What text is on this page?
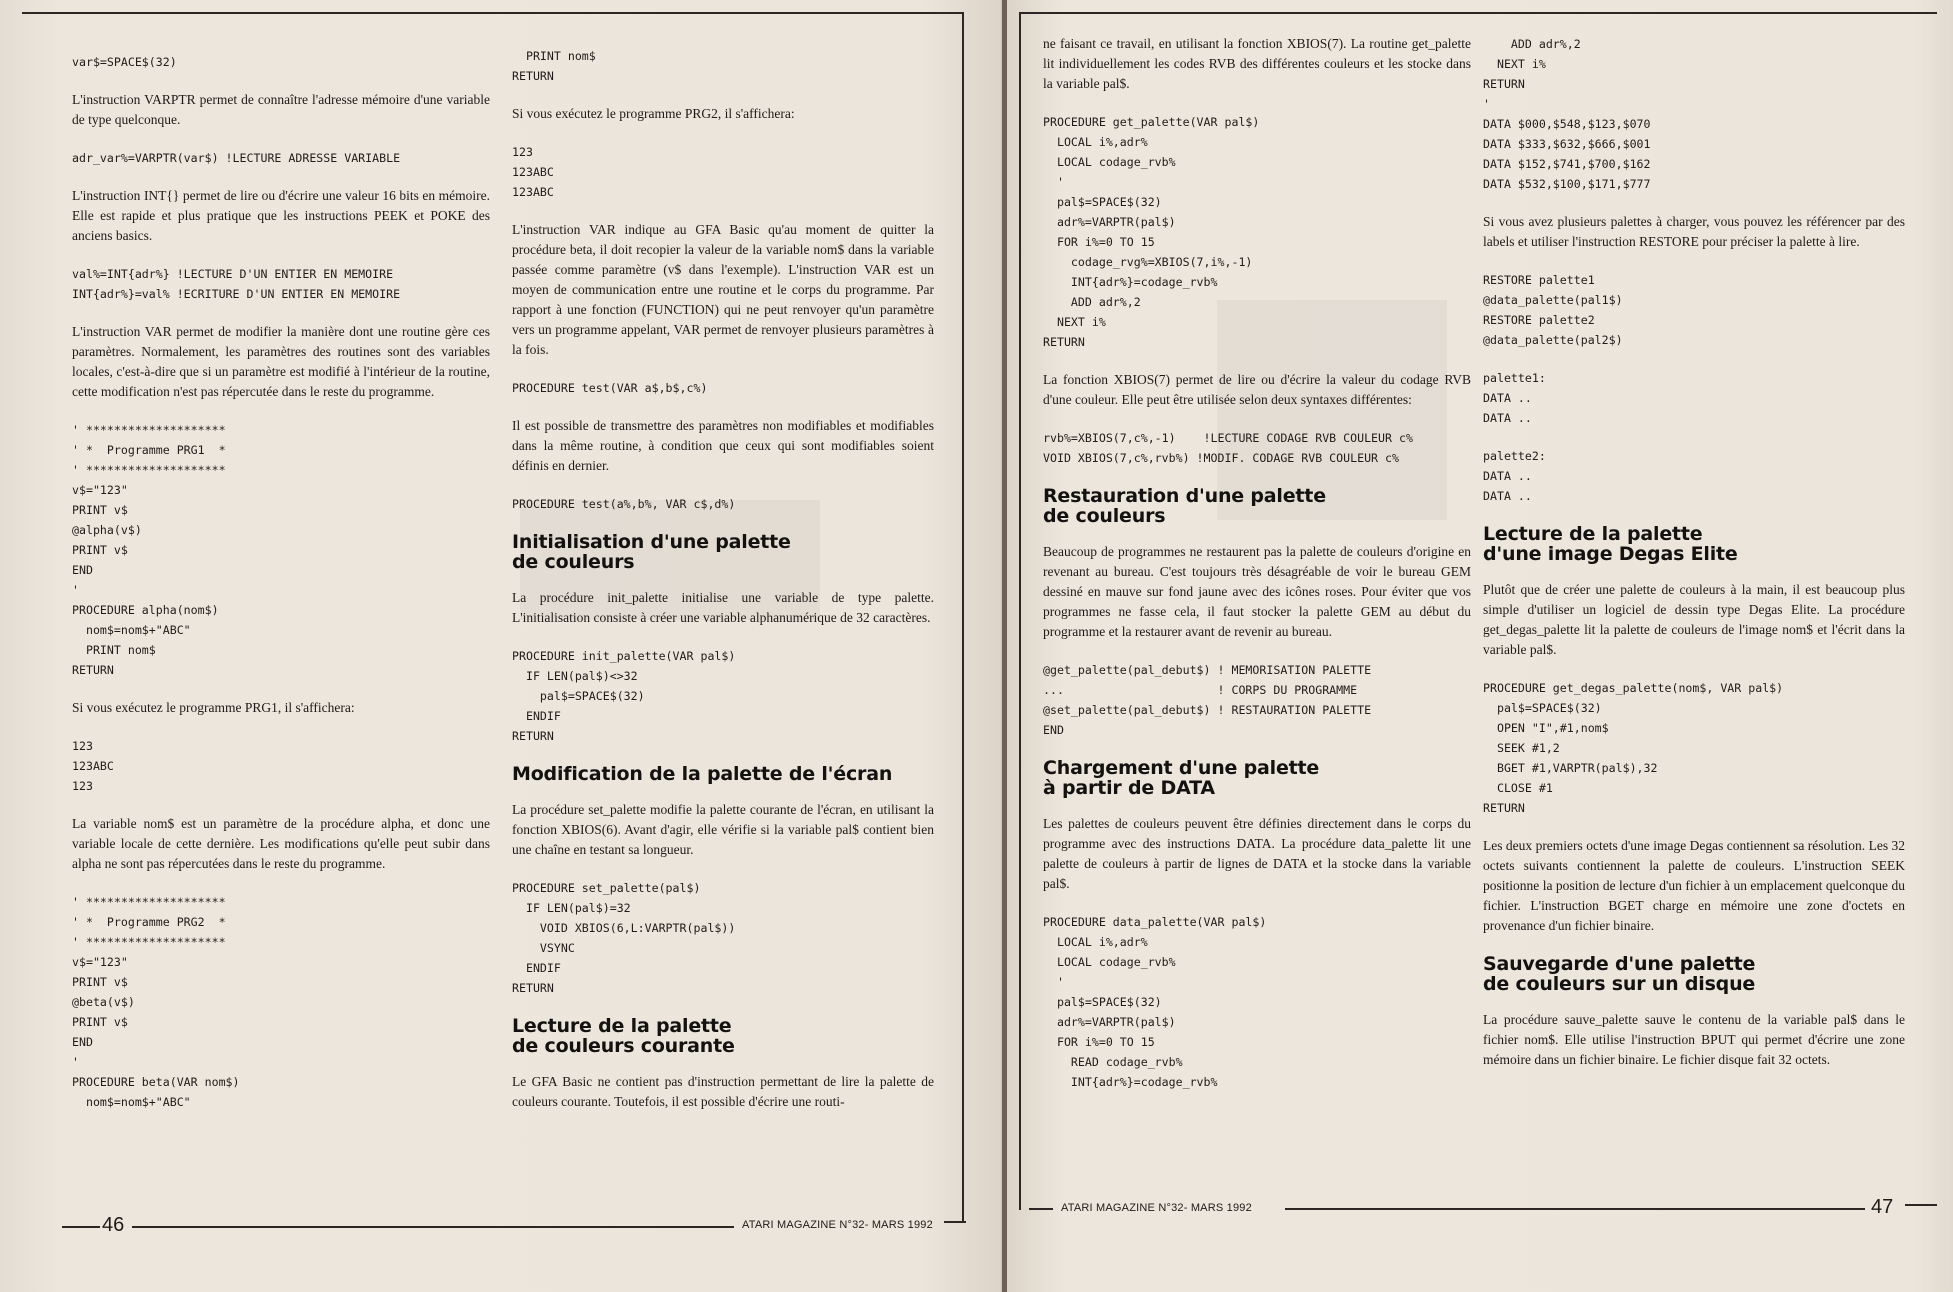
var$=SPACE$(32)

L'instruction VARPTR permet de connaître l'adresse mémoire d'une variable de type quelconque.

adr_var%=VARPTR(var$) !LECTURE ADRESSE VARIABLE

L'instruction INT{} permet de lire ou d'écrire une valeur 16 bits en mémoire. Elle est rapide et plus pratique que les instructions PEEK et POKE des anciens basics.

val%=INT{adr%} !LECTURE D'UN ENTIER EN MEMOIRE
INT{adr%}=val% !ECRITURE D'UN ENTIER EN MEMOIRE

L'instruction VAR permet de modifier la manière dont une routine gère ces paramètres. Normalement, les paramètres des routines sont des variables locales, c'est-à-dire que si un paramètre est modifié à l'intérieur de la routine, cette modification n'est pas répercutée dans le reste du programme.

' ********************
' *  Programme PRG1  *
' ********************
v$="123"
PRINT v$
@alpha(v$)
PRINT v$
END
'
PROCEDURE alpha(nom$)
nom$=nom$+"ABC"
PRINT nom$
RETURN

Si vous exécutez le programme PRG1, il s'affichera:

123
123ABC
123

La variable nom$ est un paramètre de la procédure alpha, et donc une variable locale de cette dernière. Les modifications qu'elle peut subir dans alpha ne sont pas répercutées dans le reste du programme.

' ********************
' *  Programme PRG2  *
' ********************
v$="123"
PRINT v$
@beta(v$)
PRINT v$
END
'
PROCEDURE beta(VAR nom$)
nom$=nom$+"ABC"
PRINT nom$
RETURN

Si vous exécutez le programme PRG2, il s'affichera:

123
123ABC
123ABC

L'instruction VAR indique au GFA Basic qu'au moment de quitter la procédure beta, il doit recopier la valeur de la variable nom$ dans la variable passée comme paramètre (v$ dans l'exemple). L'instruction VAR est un moyen de communication entre une routine et le corps du programme. Par rapport à une fonction (FUNCTION) qui ne peut renvoyer qu'un paramètre vers un programme appelant, VAR permet de renvoyer plusieurs paramètres à la fois.

PROCEDURE test(VAR a$,b$,c%)

Il est possible de transmettre des paramètres non modifiables et modifiables dans la même routine, à condition que ceux qui sont modifiables soient définis en dernier.

PROCEDURE test(a%,b%, VAR c$,d%)
Initialisation d'une palette
de couleurs

La procédure init_palette initialise une variable de type palette. L'initialisation consiste à créer une variable alphanumérique de 32 caractères.

PROCEDURE init_palette(VAR pal$)
IF LEN(pal$)<>32
pal$=SPACE$(32)
ENDIF
RETURN
Modification de la palette de l'écran

La procédure set_palette modifie la palette courante de l'écran, en utilisant la fonction XBIOS(6). Avant d'agir, elle vérifie si la variable pal$ contient bien une chaîne en testant sa longueur.

PROCEDURE set_palette(pal$)
IF LEN(pal$)=32
VOID XBIOS(6,L:VARPTR(pal$))
VSYNC
ENDIF
RETURN
Lecture de la palette
de couleurs courante

Le GFA Basic ne contient pas d'instruction permettant de lire la palette de couleurs courante. Toutefois, il est possible d'écrire une routi-

46	ATARI MAGAZINE N°32- MARS 1992

ne faisant ce travail, en utilisant la fonction XBIOS(7). La routine get_palette lit individuellement les codes RVB des différentes couleurs et les stocke dans la variable pal$.

PROCEDURE get_palette(VAR pal$)
LOCAL i%,adr%
LOCAL codage_rvb%
'
pal$=SPACE$(32)
adr%=VARPTR(pal$)
FOR i%=0 TO 15
codage_rvg%=XBIOS(7,i%,-1)
INT{adr%}=codage_rvb%
ADD adr%,2
NEXT i%
RETURN

La fonction XBIOS(7) permet de lire ou d'écrire la valeur du codage RVB d'une couleur. Elle peut être utilisée selon deux syntaxes différentes:

rvb%=XBIOS(7,c%,-1)    !LECTURE CODAGE RVB COULEUR c%
VOID XBIOS(7,c%,rvb%) !MODIF. CODAGE RVB COULEUR c%
Restauration d'une palette
de couleurs

Beaucoup de programmes ne restaurent pas la palette de couleurs d'origine en revenant au bureau. C'est toujours très désagréable de voir le bureau GEM dessiné en mauve sur fond jaune avec des icônes roses. Pour éviter que vos programmes ne fasse cela, il faut stocker la palette GEM au début du programme et la restaurer avant de revenir au bureau.

@get_palette(pal_debut$) ! MEMORISATION PALETTE
...                      ! CORPS DU PROGRAMME
@set_palette(pal_debut$) ! RESTAURATION PALETTE
END
Chargement d'une palette
à partir de DATA

Les palettes de couleurs peuvent être définies directement dans le corps du programme avec des instructions DATA. La procédure data_palette lit une palette de couleurs à partir de lignes de DATA et la stocke dans la variable pal$.

PROCEDURE data_palette(VAR pal$)
LOCAL i%,adr%
LOCAL codage_rvb%
'
pal$=SPACE$(32)
adr%=VARPTR(pal$)
FOR i%=0 TO 15
READ codage_rvb%
INT{adr%}=codage_rvb%
ADD adr%,2
NEXT i%
RETURN
'
DATA $000,$548,$123,$070
DATA $333,$632,$666,$001
DATA $152,$741,$700,$162
DATA $532,$100,$171,$777

Si vous avez plusieurs palettes à charger, vous pouvez les référencer par des labels et utiliser l'instruction RESTORE pour préciser la palette à lire.

RESTORE palette1
@data_palette(pal1$)
RESTORE palette2
@data_palette(pal2$)
palette1:
DATA ..
DATA ..
palette2:
DATA ..
DATA ..
Lecture de la palette
d'une image Degas Elite

Plutôt que de créer une palette de couleurs à la main, il est beaucoup plus simple d'utiliser un logiciel de dessin type Degas Elite. La procédure get_degas_palette lit la palette de couleurs de l'image nom$ et l'écrit dans la variable pal$.

PROCEDURE get_degas_palette(nom$, VAR pal$)
pal$=SPACE$(32)
OPEN "I",#1,nom$
SEEK #1,2
BGET #1,VARPTR(pal$),32
CLOSE #1
RETURN

Les deux premiers octets d'une image Degas contiennent sa résolution. Les 32 octets suivants contiennent la palette de couleurs. L'instruction SEEK positionne la position de lecture d'un fichier à un emplacement quelconque du fichier. L'instruction BGET charge en mémoire une zone d'octets en provenance d'un fichier binaire.

Sauvegarde d'une palette
de couleurs sur un disque

La procédure sauve_palette sauve le contenu de la variable pal$ dans le fichier nom$. Elle utilise l'instruction BPUT qui permet d'écrire une zone mémoire dans un fichier binaire. Le fichier disque fait 32 octets.

ATARI MAGAZINE N°32- MARS 1992	47
